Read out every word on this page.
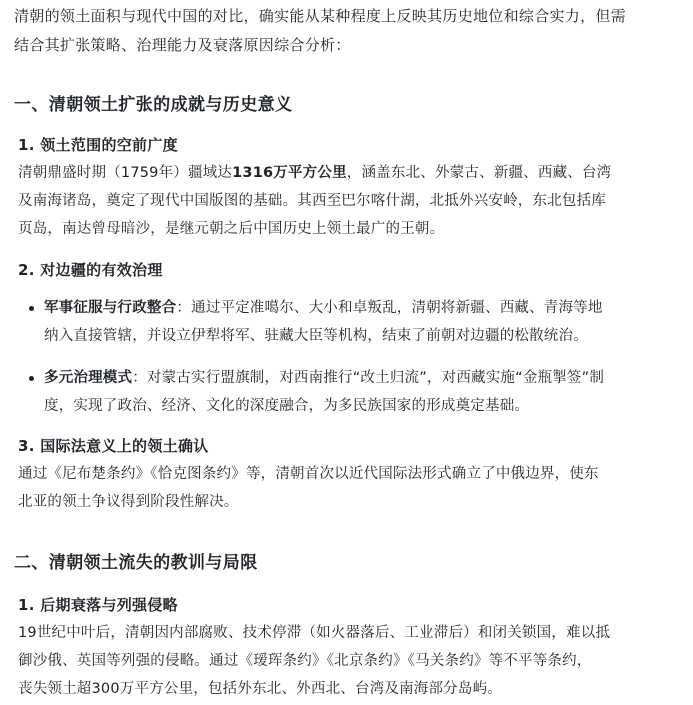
清朝的领土面积与现代中国的对比，确实能从某种程度上反映其历史地位和综合实力，但需
结合其扩张策略、治理能力及衰落原因综合分析：
一、清朝领土扩张的成就与历史意义
1. 领土范围的空前广度
清朝鼎盛时期（1759年）疆域达1316万平方公里，涵盖东北、外蒙古、新疆、西藏、台湾
及南海诸岛，奠定了现代中国版图的基础。其西至巴尔喀什湖，北抵外兴安岭，东北包括库
页岛，南达曾母暗沙，是继元朝之后中国历史上领土最广的王朝。
2. 对边疆的有效治理
军事征服与行政整合：通过平定准噶尔、大小和卓叛乱，清朝将新疆、西藏、青海等地
纳入直接管辖，并设立伊犁将军、驻藏大臣等机构，结束了前朝对边疆的松散统治。
多元治理模式：对蒙古实行盟旗制，对西南推行“改土归流”，对西藏实施“金瓶掣签”制
度，实现了政治、经济、文化的深度融合，为多民族国家的形成奠定基础。
3. 国际法意义上的领土确认
通过《尼布楚条约》《恰克图条约》等，清朝首次以近代国际法形式确立了中俄边界，使东
北亚的领土争议得到阶段性解决。
二、清朝领土流失的教训与局限
1. 后期衰落与列强侵略
19世纪中叶后，清朝因内部腐败、技术停滞（如火器落后、工业滞后）和闭关锁国，难以抵
御沙俄、英国等列强的侵略。通过《瑷珲条约》《北京条约》《马关条约》等不平等条约，
丧失领土超300万平方公里，包括外东北、外西北、台湾及南海部分岛屿。
